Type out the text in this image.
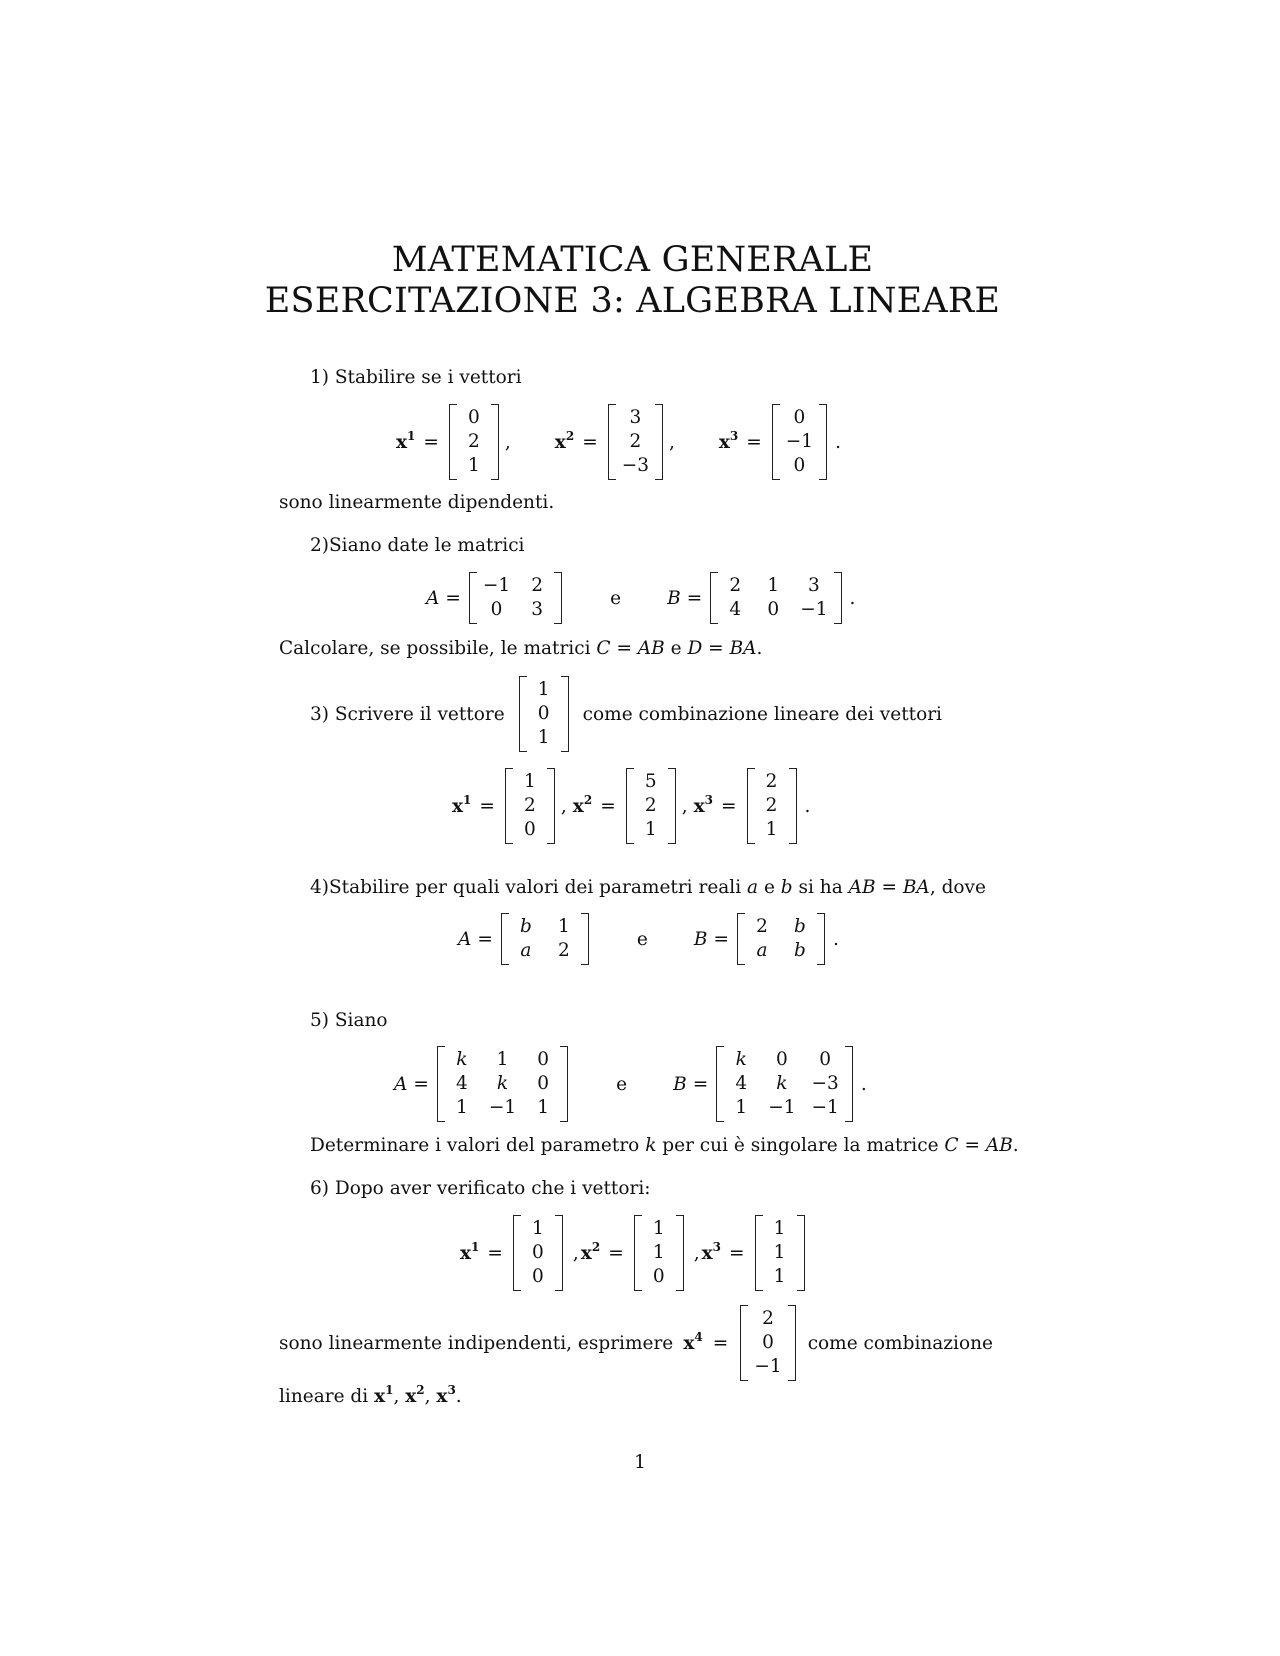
MATEMATICA GENERALE
ESERCITAZIONE 3: ALGEBRA LINEARE
1) Stabilire se i vettori
$x^1$ =
0
2
1
, $x^2$ =
3
2
−3
, $x^3$ =
0
−1
0
.
sono linearmente dipendenti.
2)Siano date le matrici
A =
−1 2
0 3
e B =
2 1 3
4 0 −1
.
Calcolare, se possibile, le matrici C = AB e D = BA.
3) Scrivere il vettore
1
0
1
come combinazione lineare dei vettori
$x^1$ =
1
2
0
, $x^2$ =
5
2
1
, $x^3$ =
2
2
1
.
4)Stabilire per quali valori dei parametri reali a e b si ha AB = BA, dove
A =
b 1
a 2
e B =
2 b
a b
.
5) Siano
A =
k 1 0
4 k 0
1 −1 1
e B =
k 0 0
4 k −3
1 −1 −1
.
Determinare i valori del parametro k per cui è singolare la matrice C = AB.
6) Dopo aver verificato che i vettori:
$x^1$ =
1
0
0
, $x^2$ =
1
1
0
, $x^3$ =
1
1
1
sono linearmente indipendenti, esprimere $x^4$ =
2
0
−1
come combinazione
lineare di $x^1$, $x^2$, $x^3$.
1
